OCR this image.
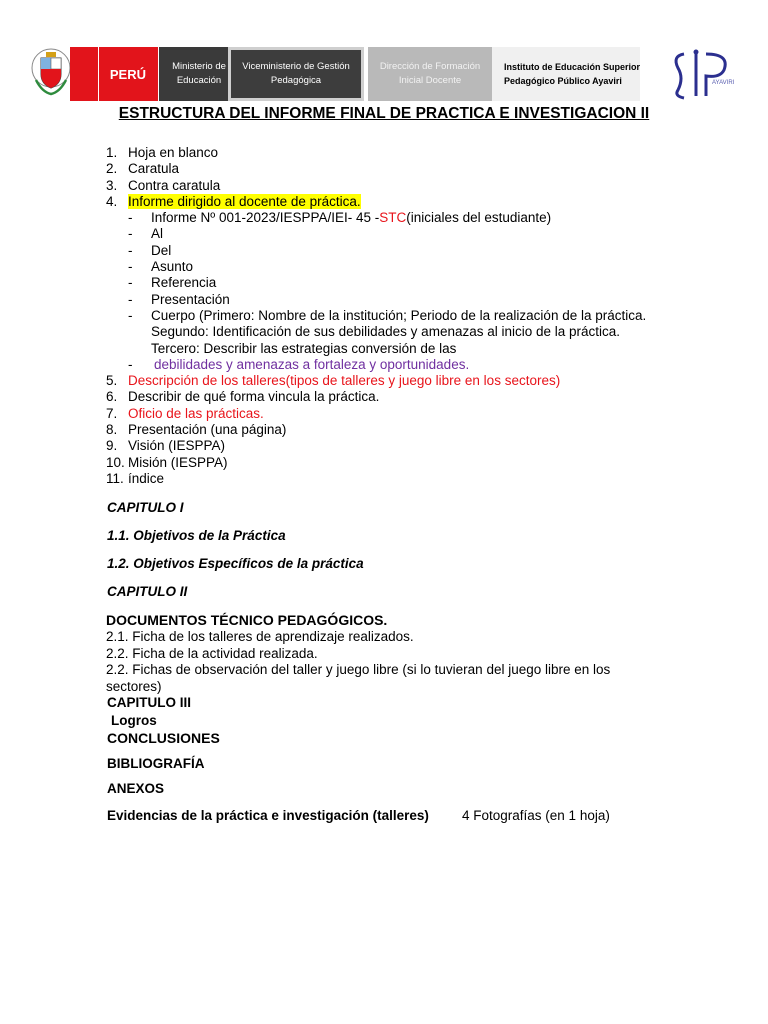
PERÚ	Ministerio de Educación
Viceministerio de Gestión Pedagógica
Dirección de Formación Inicial Docente
Instituto de Educación Superior Pedagógico Público Ayaviri	AYAVIRI
ESTRUCTURA DEL INFORME FINAL DE PRACTICA E INVESTIGACION II
1. Hoja en blanco
2. Caratula
3. Contra caratula
4. Informe dirigido al docente de práctica.
- Informe Nº 001-2023/IESPPA/IEI- 45 -STC(iniciales del estudiante)
- Al
- Del
- Asunto
- Referencia
- Presentación
- Cuerpo (Primero: Nombre de la institución; Periodo de la realización de la práctica.
Segundo: Identificación de sus debilidades y amenazas al inicio de la práctica.
Tercero: Describir las estrategias conversión de las
- debilidades y amenazas a fortaleza y oportunidades.
5. Descripción de los talleres(tipos de talleres y juego libre en los sectores)
6. Describir de qué forma vincula la práctica.
7. Oficio de las prácticas.
8. Presentación (una página)
9. Visión (IESPPA)
10. Misión (IESPPA)
11. índice
CAPITULO I
1.1. Objetivos de la Práctica
1.2. Objetivos Específicos de la práctica
CAPITULO II
DOCUMENTOS TÉCNICO PEDAGÓGICOS.
2.1. Ficha de los talleres de aprendizaje realizados.
2.2. Ficha de la actividad realizada.
2.2. Fichas de observación del taller y juego libre (si lo tuvieran del juego libre en los sectores)
CAPITULO III
Logros
CONCLUSIONES
BIBLIOGRAFÍA
ANEXOS
Evidencias de la práctica e investigación (talleres) 4 Fotografías (en 1 hoja)
